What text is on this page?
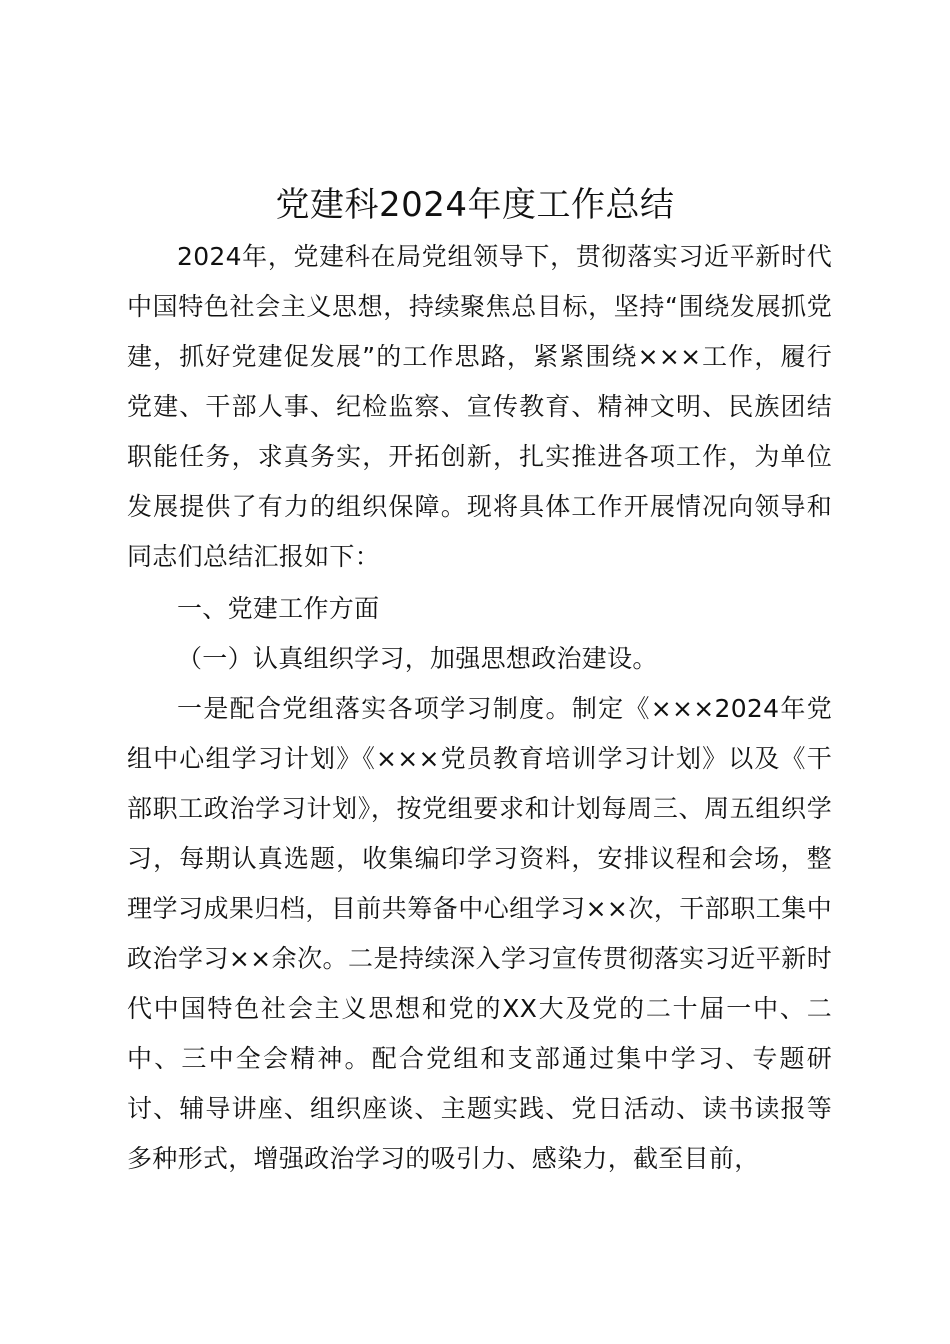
党建科2024年度工作总结

2024年，党建科在局党组领导下，贯彻落实习近平新时代中国特色社会主义思想，持续聚焦总目标，坚持“围绕发展抓党建，抓好党建促发展”的工作思路，紧紧围绕×××工作，履行党建、干部人事、纪检监察、宣传教育、精神文明、民族团结职能任务，求真务实，开拓创新，扎实推进各项工作，为单位发展提供了有力的组织保障。现将具体工作开展情况向领导和同志们总结汇报如下：

一、党建工作方面

（一）认真组织学习，加强思想政治建设。

一是配合党组落实各项学习制度。制定《×××2024年党组中心组学习计划》《×××党员教育培训学习计划》以及《干部职工政治学习计划》，按党组要求和计划每周三、周五组织学习，每期认真选题，收集编印学习资料，安排议程和会场，整理学习成果归档，目前共筹备中心组学习××次，干部职工集中政治学习××余次。二是持续深入学习宣传贯彻落实习近平新时代中国特色社会主义思想和党的XX大及党的二十届一中、二中、三中全会精神。配合党组和支部通过集中学习、专题研讨、辅导讲座、组织座谈、主题实践、党日活动、读书读报等多种形式，增强政治学习的吸引力、感染力，截至目前，
